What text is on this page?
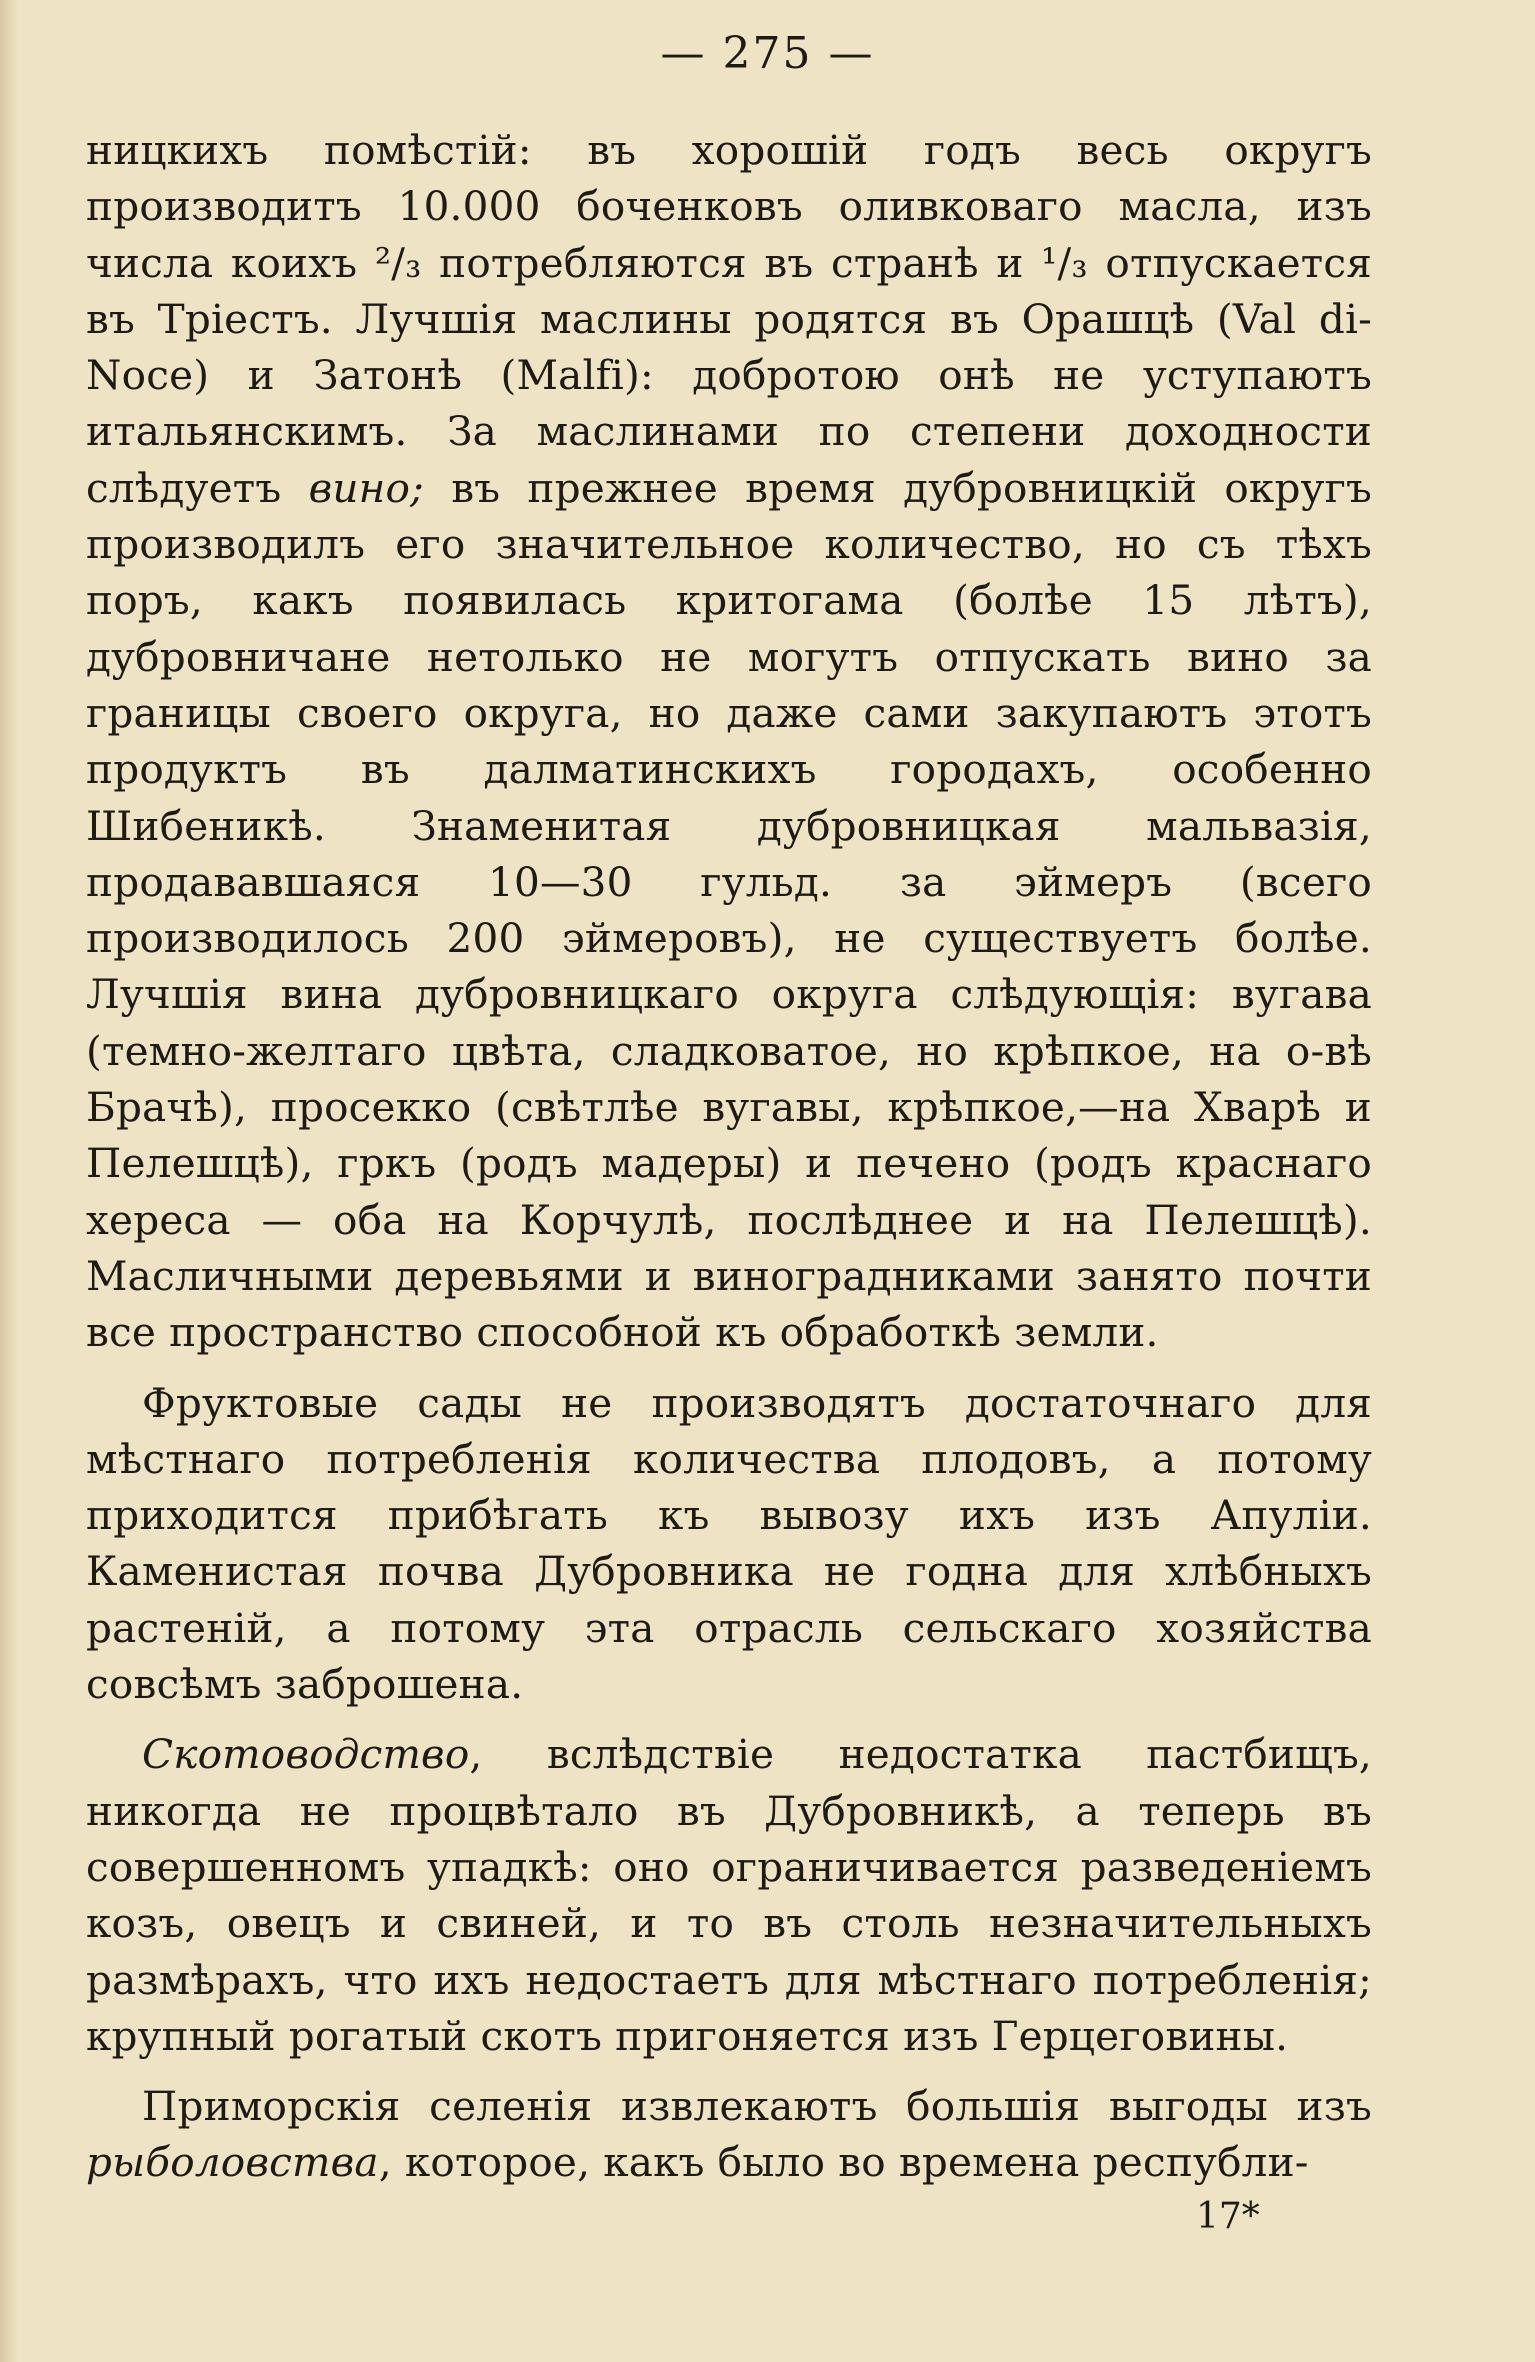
— 275 —

ницкихъ помѣстій: въ хорошій годъ весь округъ производитъ 10.000 боченковъ оливковаго масла, изъ числа коихъ ²/₃ потребляются въ странѣ и ¹/₃ отпускается въ Тріестъ. Лучшія маслины родятся въ Орашцѣ (Val di-Noce) и Затонѣ (Malfi): добротою онѣ не уступаютъ итальянскимъ. За маслинами по степени доходности слѣдуетъ вино; въ прежнее время дубровницкій округъ производилъ его значительное количество, но съ тѣхъ поръ, какъ появилась критогама (болѣе 15 лѣтъ), дубровничане нетолько не могутъ отпускать вино за границы своего округа, но даже сами закупаютъ этотъ продуктъ въ далматинскихъ городахъ, особенно Шибеникѣ. Знаменитая дубровницкая мальвазія, продававшаяся 10—30 гульд. за эймеръ (всего производилось 200 эймеровъ), не существуетъ болѣе. Лучшія вина дубровницкаго округа слѣдующія: вугава (темно-желтаго цвѣта, сладковатое, но крѣпкое, на о-вѣ Брачѣ), просекко (свѣтлѣе вугавы, крѣпкое,—на Хварѣ и Пелешцѣ), гркъ (родъ мадеры) и печено (родъ краснаго хереса — оба на Корчулѣ, послѣднее и на Пелешцѣ). Масличными деревьями и виноградниками занято почти все пространство способной къ обработкѣ земли.

Фруктовые сады не производятъ достаточнаго для мѣстнаго потребленія количества плодовъ, а потому приходится прибѣгать къ вывозу ихъ изъ Апуліи. Каменистая почва Дубровника не годна для хлѣбныхъ растеній, а потому эта отрасль сельскаго хозяйства совсѣмъ заброшена.

Скотоводство, вслѣдствіе недостатка пастбищъ, никогда не процвѣтало въ Дубровникѣ, а теперь въ совершенномъ упадкѣ: оно ограничивается разведеніемъ козъ, овецъ и свиней, и то въ столь незначительныхъ размѣрахъ, что ихъ недостаетъ для мѣстнаго потребленія; крупный рогатый скотъ пригоняется изъ Герцеговины.

Приморскія селенія извлекаютъ большія выгоды изъ рыболовства, которое, какъ было во времена республи-

17*
